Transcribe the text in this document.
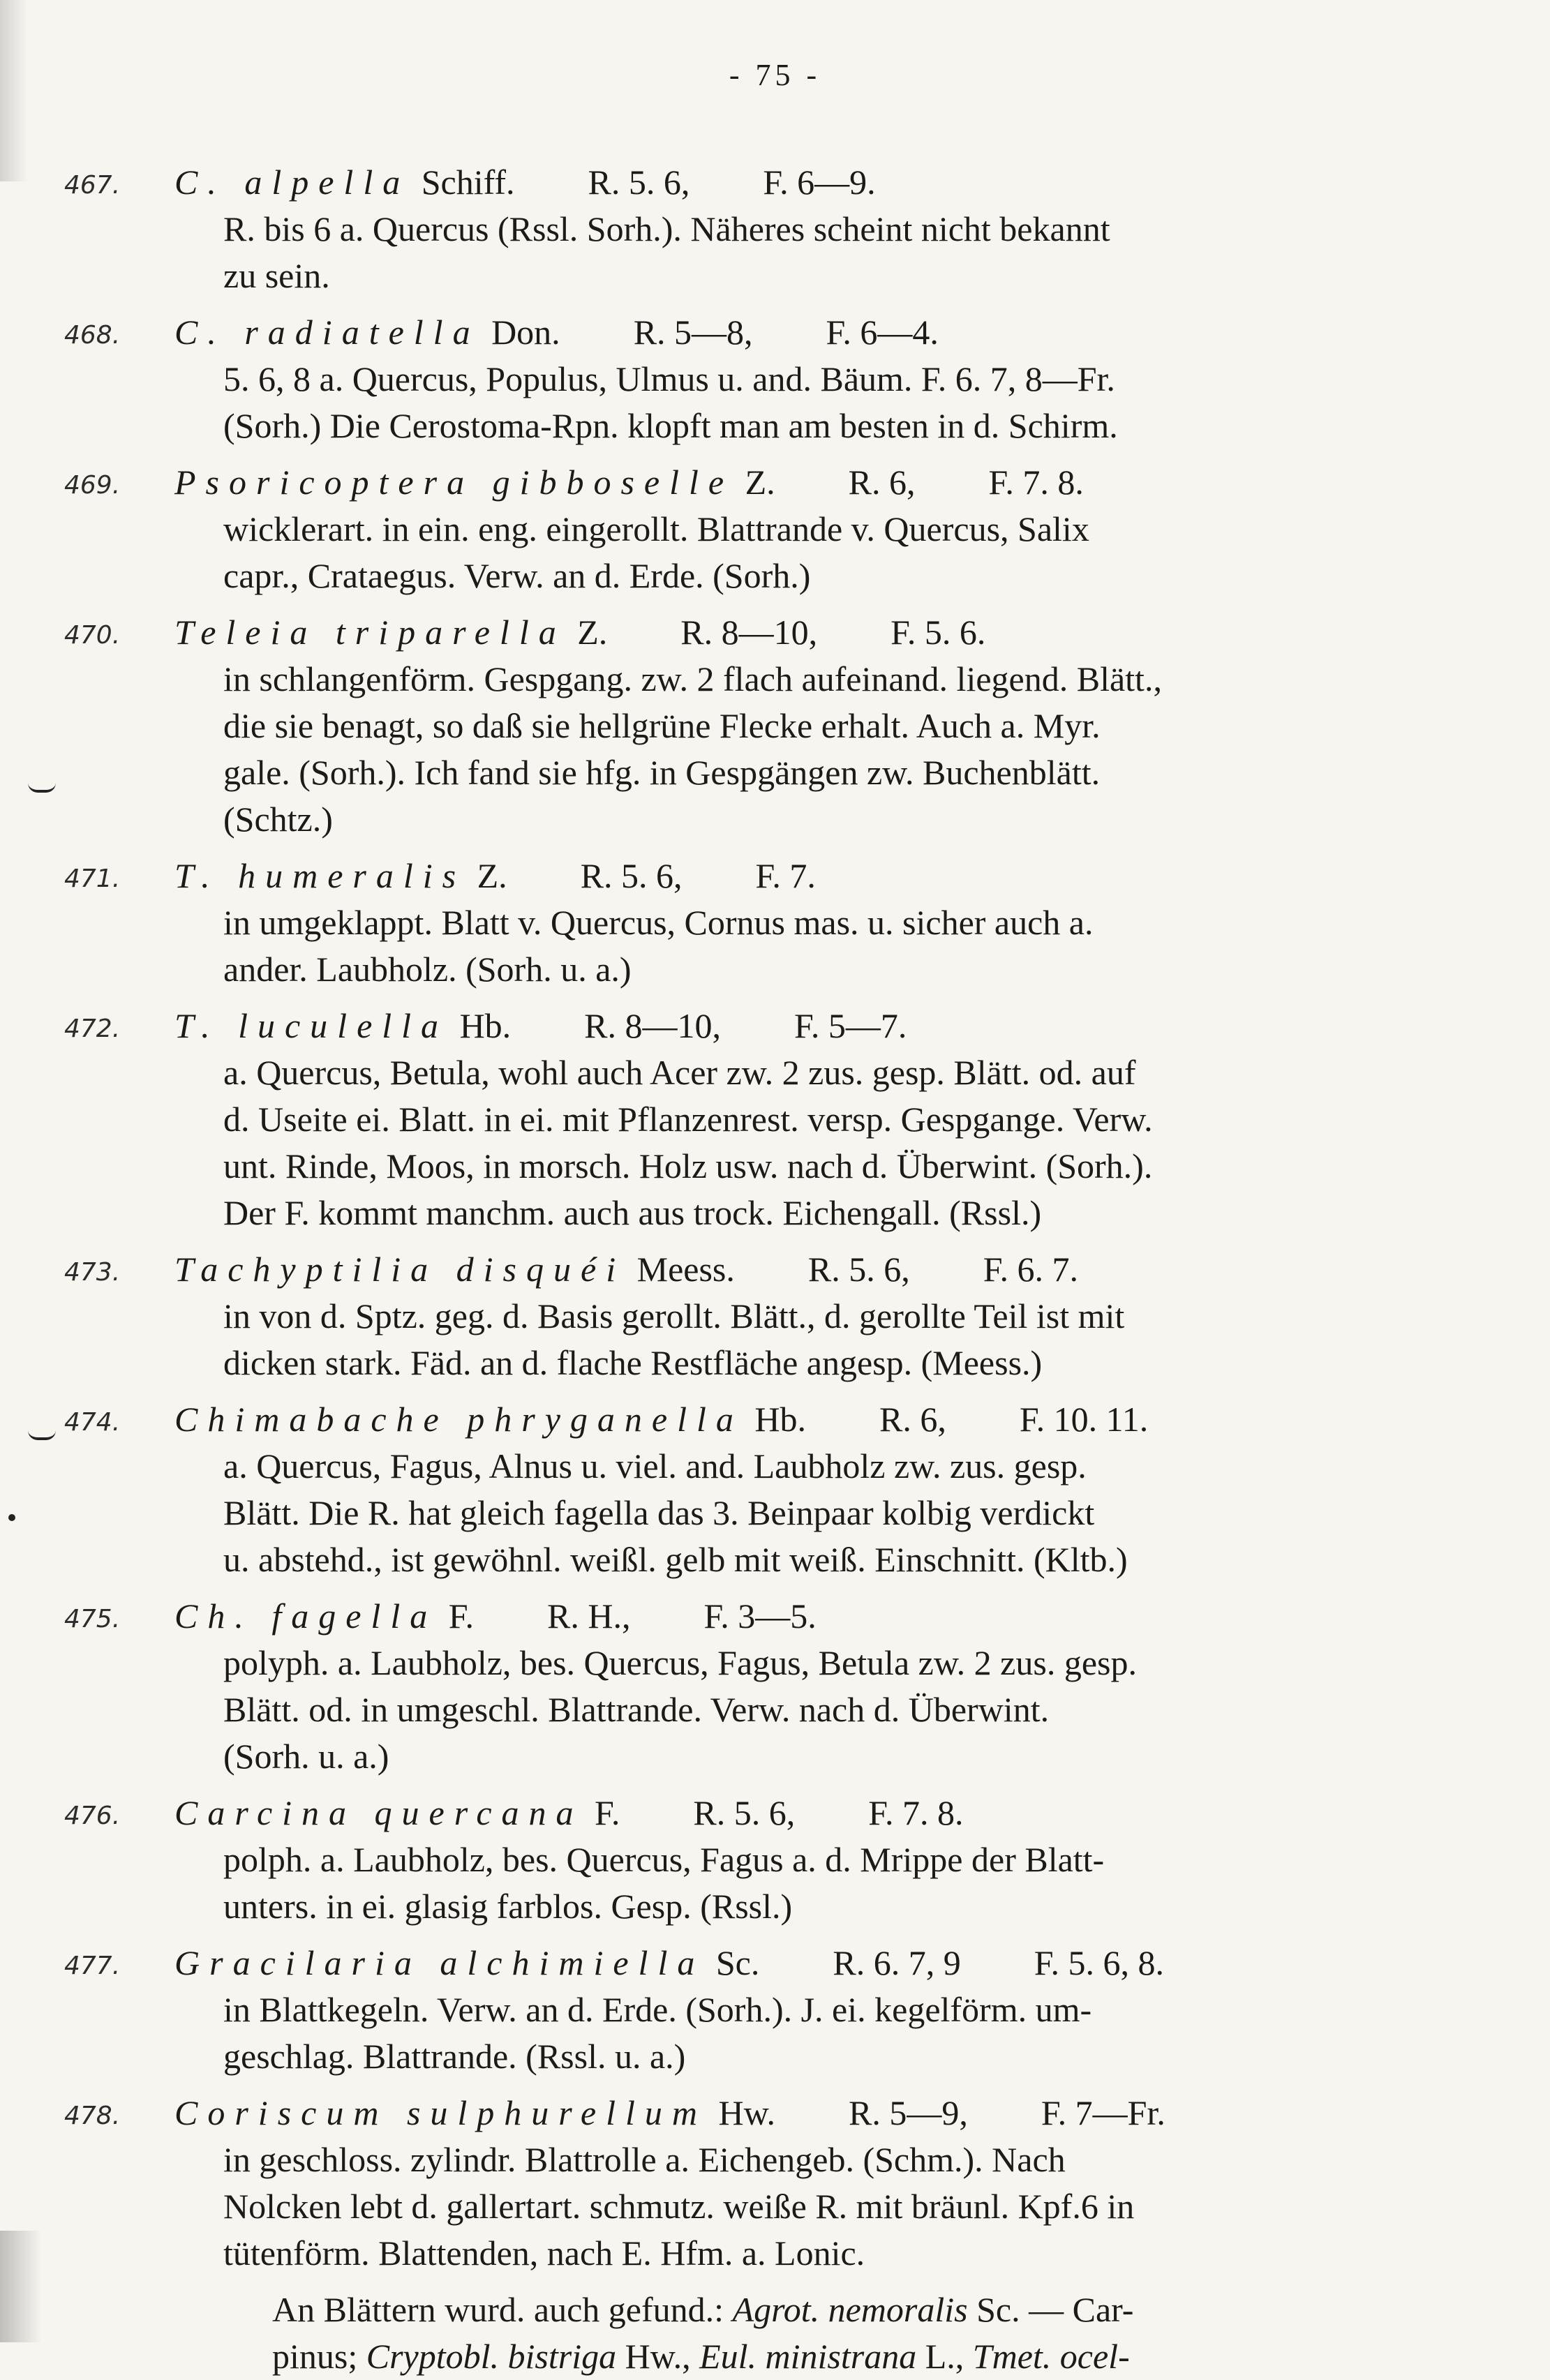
- 75 -
467.	C. alpella Schiff. R. 5. 6, F. 6—9.
R. bis 6 a. Quercus (Rssl. Sorh.). Näheres scheint nicht bekannt
zu sein.
468.	C. radiatella Don. R. 5—8, F. 6—4.
5. 6, 8 a. Quercus, Populus, Ulmus u. and. Bäum. F. 6. 7, 8—Fr.
(Sorh.) Die Cerostoma-Rpn. klopft man am besten in d. Schirm.
469.	Psoricoptera gibboselle Z. R. 6, F. 7. 8.
wicklerart. in ein. eng. eingerollt. Blattrande v. Quercus, Salix
capr., Crataegus. Verw. an d. Erde. (Sorh.)
470.	Teleia triparella Z. R. 8—10, F. 5. 6.
in schlangenförm. Gespgang. zw. 2 flach aufeinand. liegend. Blätt.,
die sie benagt, so daß sie hellgrüne Flecke erhalt. Auch a. Myr.
gale. (Sorh.). Ich fand sie hfg. in Gespgängen zw. Buchenblätt.
(Schtz.)
471.	T. humeralis Z. R. 5. 6, F. 7.
in umgeklappt. Blatt v. Quercus, Cornus mas. u. sicher auch a.
ander. Laubholz. (Sorh. u. a.)
472.	T. luculella Hb. R. 8—10, F. 5—7.
a. Quercus, Betula, wohl auch Acer zw. 2 zus. gesp. Blätt. od. auf
d. Useite ei. Blatt. in ei. mit Pflanzenrest. versp. Gespgange. Verw.
unt. Rinde, Moos, in morsch. Holz usw. nach d. Überwint. (Sorh.).
Der F. kommt manchm. auch aus trock. Eichengall. (Rssl.)
473.	Tachyptilia disquéi Meess. R. 5. 6, F. 6. 7.
in von d. Sptz. geg. d. Basis gerollt. Blätt., d. gerollte Teil ist mit
dicken stark. Fäd. an d. flache Restfläche angesp. (Meess.)
474.	Chimabache phryganella Hb. R. 6, F. 10. 11.
a. Quercus, Fagus, Alnus u. viel. and. Laubholz zw. zus. gesp.
Blätt. Die R. hat gleich fagella das 3. Beinpaar kolbig verdickt
u. abstehd., ist gewöhnl. weißl. gelb mit weiß. Einschnitt. (Kltb.)
475.	Ch. fagella F. R. H., F. 3—5.
polyph. a. Laubholz, bes. Quercus, Fagus, Betula zw. 2 zus. gesp.
Blätt. od. in umgeschl. Blattrande. Verw. nach d. Überwint.
(Sorh. u. a.)
476.	Carcina quercana F. R. 5. 6, F. 7. 8.
polph. a. Laubholz, bes. Quercus, Fagus a. d. Mrippe der Blatt-
unters. in ei. glasig farblos. Gesp. (Rssl.)
477.	Gracilaria alchimiella Sc. R. 6. 7, 9 F. 5. 6, 8.
in Blattkegeln. Verw. an d. Erde. (Sorh.). J. ei. kegelförm. um-
geschlag. Blattrande. (Rssl. u. a.)
478.	Coriscum sulphurellum Hw. R. 5—9, F. 7—Fr.
in geschloss. zylindr. Blattrolle a. Eichengeb. (Schm.). Nach
Nolcken lebt d. gallertart. schmutz. weiße R. mit bräunl. Kpf.6 in
tütenförm. Blattenden, nach E. Hfm. a. Lonic.
An Blättern wurd. auch gefund.: Agrot. nemoralis Sc. — Car-
pinus; Cryptobl. bistriga Hw., Eul. ministrana L., Tmet. ocel-
